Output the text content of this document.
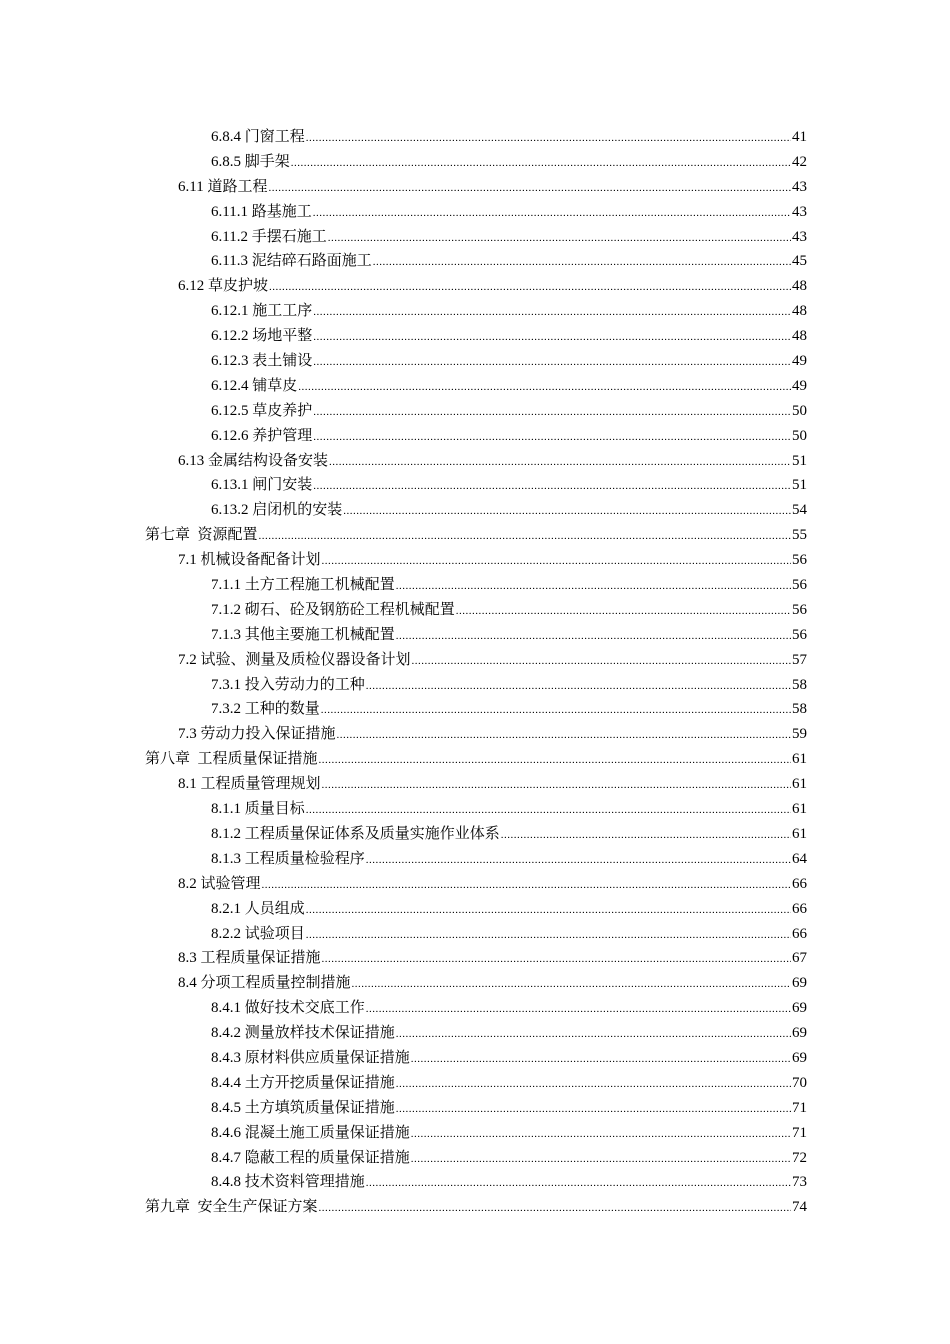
6.8.4 门窗工程 .....	41
6.8.5 脚手架 .....	42
6.11 道路工程 .....	43
6.11.1 路基施工 .....	43
6.11.2 手摆石施工 .....	43
6.11.3 泥结碎石路面施工 .....	45
6.12 草皮护坡 .....	48
6.12.1 施工工序 .....	48
6.12.2 场地平整 .....	48
6.12.3 表土铺设 .....	49
6.12.4 铺草皮 .....	49
6.12.5 草皮养护 .....	50
6.12.6 养护管理 .....	50
6.13 金属结构设备安装 .....	51
6.13.1 闸门安装 .....	51
6.13.2 启闭机的安装 .....	54
第七章  资源配置 .....	55
7.1 机械设备配备计划 .....	56
7.1.1 土方工程施工机械配置 .....	56
7.1.2 砌石、砼及钢筋砼工程机械配置 .....	56
7.1.3 其他主要施工机械配置 .....	56
7.2 试验、测量及质检仪器设备计划 .....	57
7.3.1 投入劳动力的工种 .....	58
7.3.2 工种的数量 .....	58
7.3 劳动力投入保证措施 .....	59
第八章  工程质量保证措施 .....	61
8.1 工程质量管理规划 .....	61
8.1.1 质量目标 .....	61
8.1.2 工程质量保证体系及质量实施作业体系 .....	61
8.1.3 工程质量检验程序 .....	64
8.2 试验管理 .....	66
8.2.1 人员组成 .....	66
8.2.2 试验项目 .....	66
8.3 工程质量保证措施 .....	67
8.4 分项工程质量控制措施 .....	69
8.4.1 做好技术交底工作 .....	69
8.4.2 测量放样技术保证措施 .....	69
8.4.3 原材料供应质量保证措施 .....	69
8.4.4 土方开挖质量保证措施 .....	70
8.4.5 土方填筑质量保证措施 .....	71
8.4.6 混凝土施工质量保证措施 .....	71
8.4.7 隐蔽工程的质量保证措施 .....	72
8.4.8 技术资料管理措施 .....	73
第九章  安全生产保证方案 .....	74
